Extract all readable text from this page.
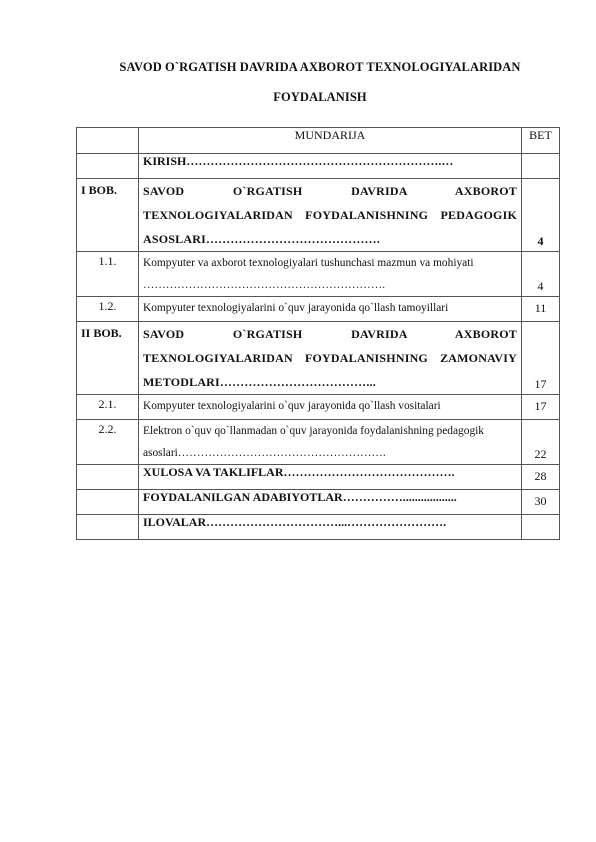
SAVOD O`RGATISH DAVRIDA AXBOROT TEXNOLOGIYALARIDAN
FOYDALANISH
	MUNDARIJA	BET
	KIRISH……………………………………………………….…	
I BOB.	SAVOD O`RGATISH DAVRIDA AXBOROT TEXNOLOGIYALARIDAN FOYDALANISHNING PEDAGOGIK ASOSLARI…………………………………….	4
1.1.	Kompyuter va axborot texnologiyalari tushunchasi mazmun va mohiyati ……………………………………………………….	4
1.2.	Kompyuter texnologiyalarini o`quv jarayonida qo`llash tamoyillari	11
II BOB.	SAVOD O`RGATISH DAVRIDA AXBOROT TEXNOLOGIYALARIDAN FOYDALANISHNING ZAMONAVIY METODLARI………………………………...	17
2.1.	Kompyuter texnologiyalarini o`quv jarayonida qo`llash vositalari	17
2.2.	Elektron o`quv qo`llanmadan o`quv jarayonida foydalanishning pedagogik asoslari……………………………………………….	22
	XULOSA VA TAKLIFLAR…………………………………….	28
	FOYDALANILGAN ADABIYOTLAR……………..................	30
	ILOVALAR……………………………...…………………….	
